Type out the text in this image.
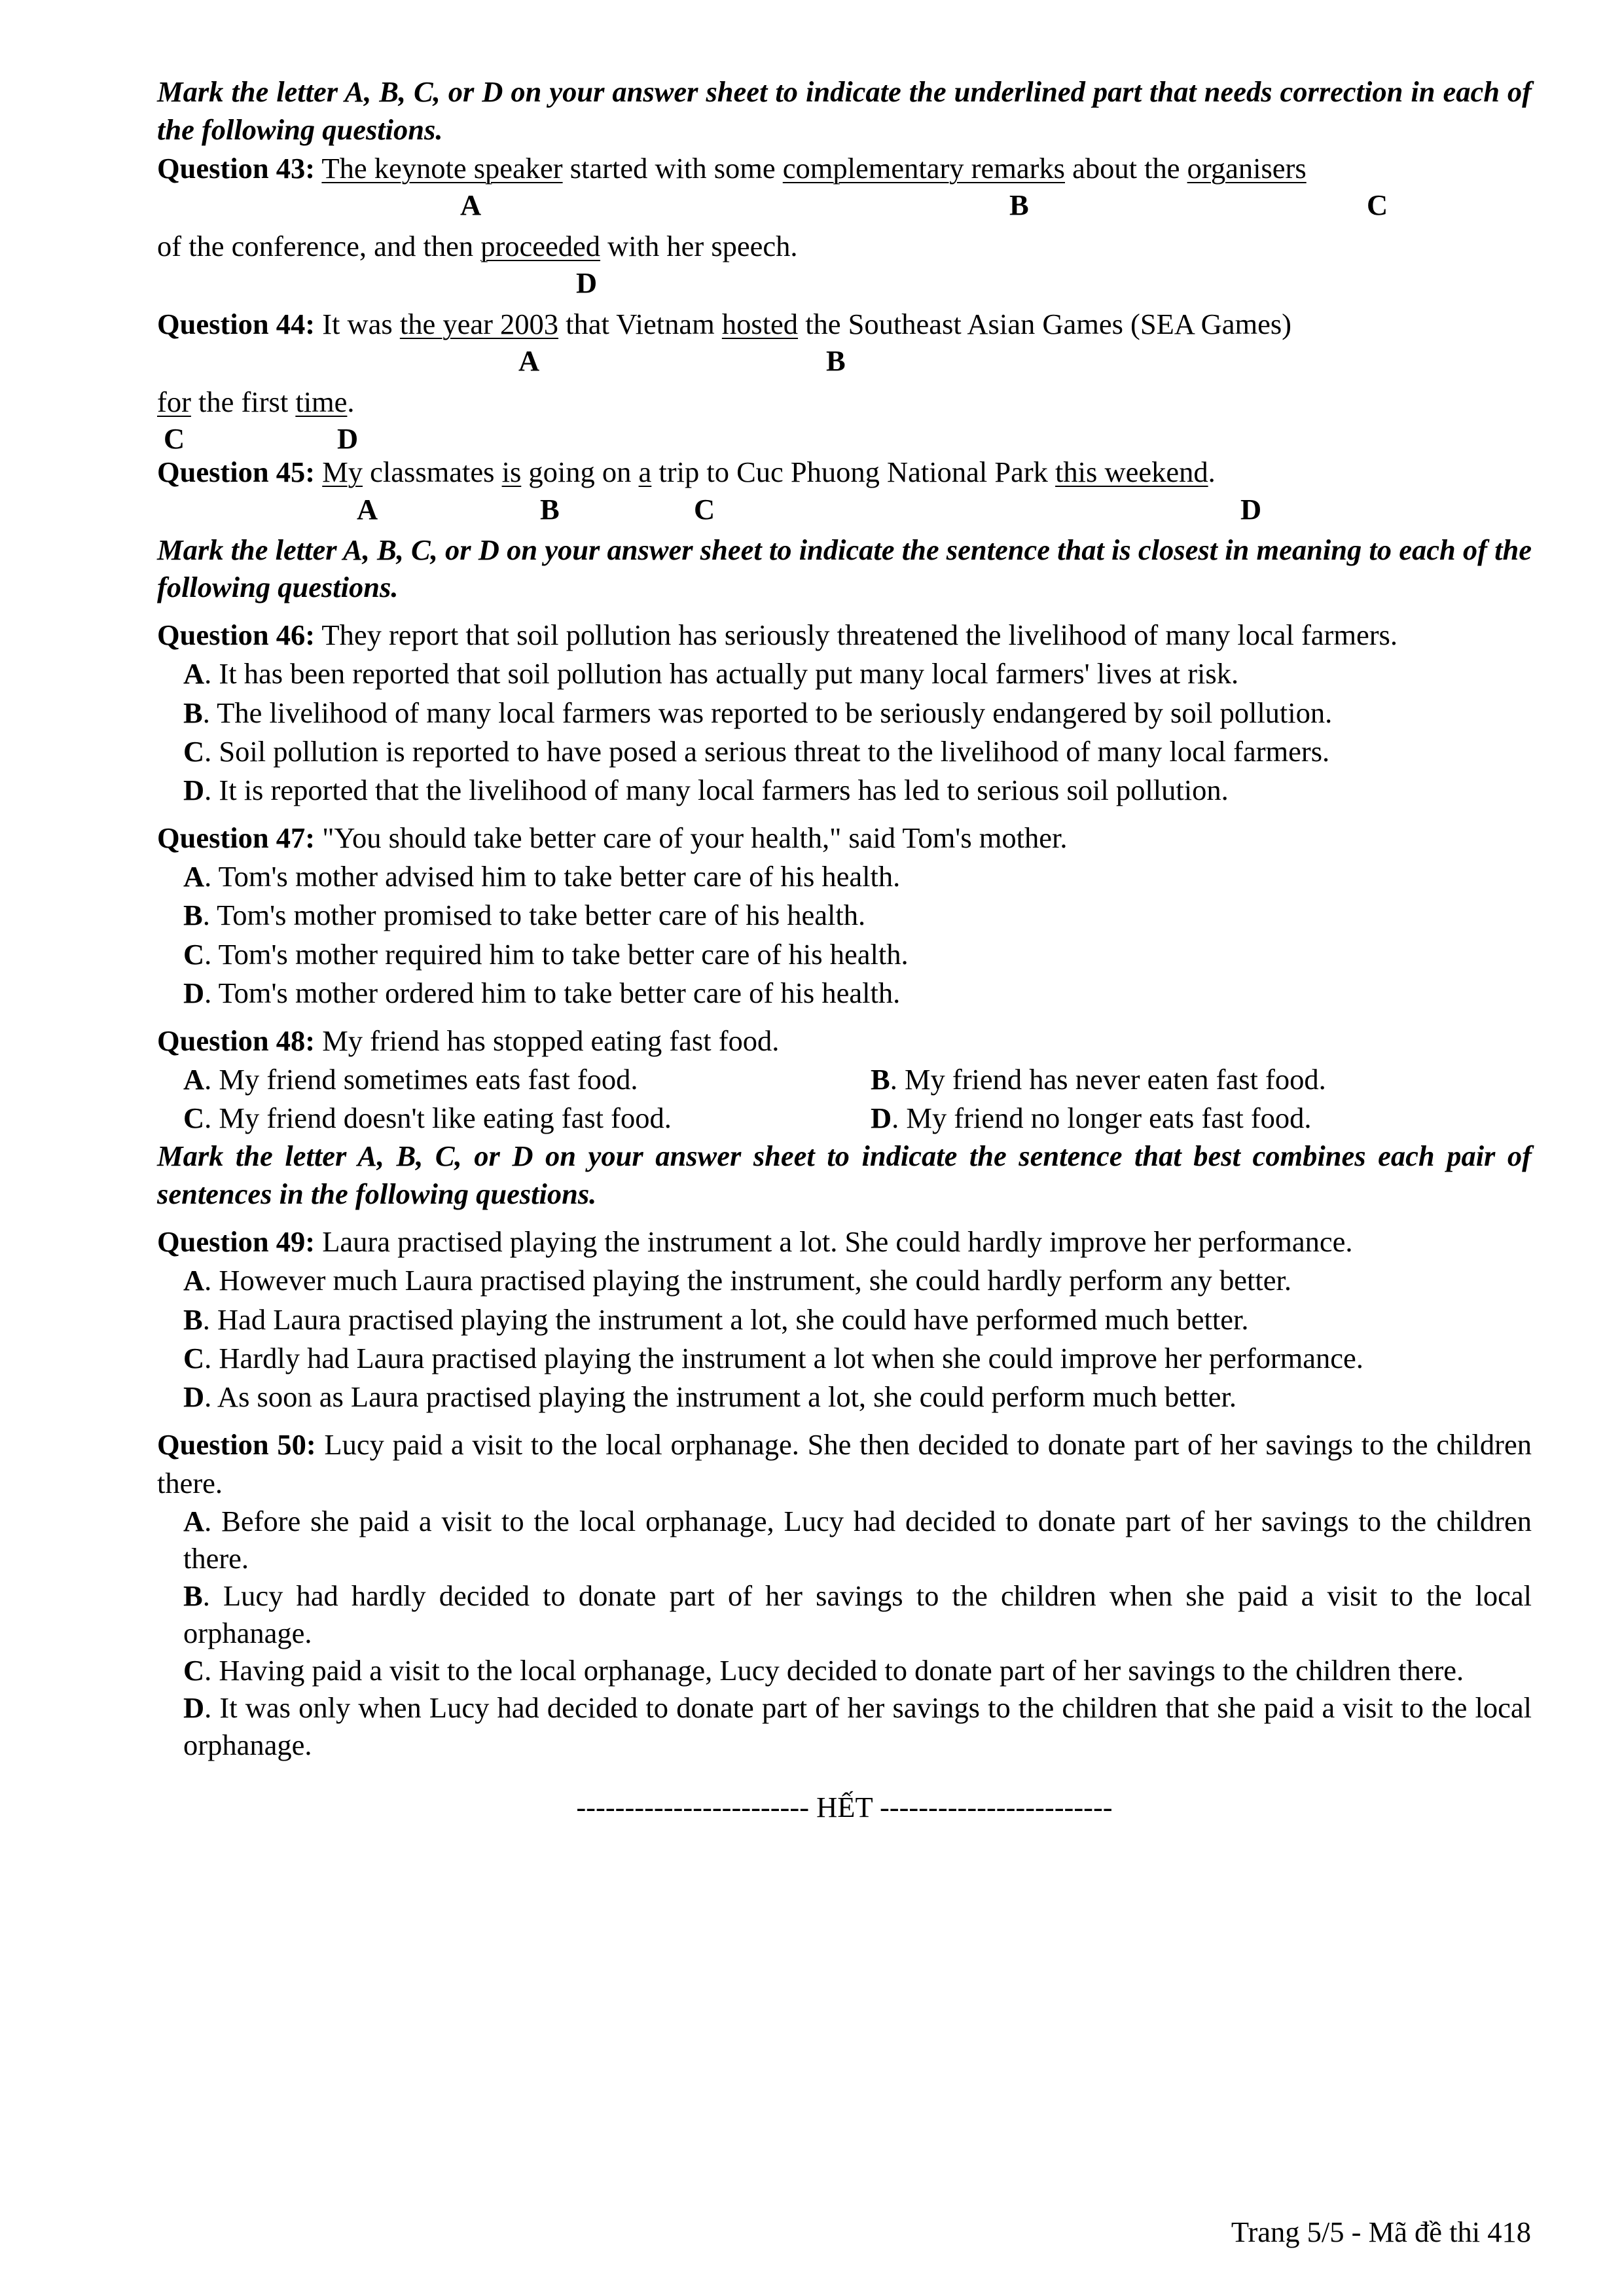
Mark the letter A, B, C, or D on your answer sheet to indicate the underlined part that needs correction in each of the following questions.

Question 43: The keynote speaker started with some complementary remarks about the organisers
A	B	C
of the conference, and then proceeded with her speech.
D
Question 44: It was the year 2003 that Vietnam hosted the Southeast Asian Games (SEA Games)
A	B
for the first time.
C	D
Question 45: My classmates is going on a trip to Cuc Phuong National Park this weekend.
A	B	C	D

Mark the letter A, B, C, or D on your answer sheet to indicate the sentence that is closest in meaning to each of the following questions.

Question 46: They report that soil pollution has seriously threatened the livelihood of many local farmers.

A. It has been reported that soil pollution has actually put many local farmers' lives at risk.

B. The livelihood of many local farmers was reported to be seriously endangered by soil pollution.

C. Soil pollution is reported to have posed a serious threat to the livelihood of many local farmers.

D. It is reported that the livelihood of many local farmers has led to serious soil pollution.

Question 47: "You should take better care of your health," said Tom's mother.

A. Tom's mother advised him to take better care of his health.

B. Tom's mother promised to take better care of his health.

C. Tom's mother required him to take better care of his health.

D. Tom's mother ordered him to take better care of his health.

Question 48: My friend has stopped eating fast food.

A. My friend sometimes eats fast food.	B. My friend has never eaten fast food.
C. My friend doesn't like eating fast food.	D. My friend no longer eats fast food.

Mark the letter A, B, C, or D on your answer sheet to indicate the sentence that best combines each pair of sentences in the following questions.

Question 49: Laura practised playing the instrument a lot. She could hardly improve her performance.

A. However much Laura practised playing the instrument, she could hardly perform any better.

B. Had Laura practised playing the instrument a lot, she could have performed much better.

C. Hardly had Laura practised playing the instrument a lot when she could improve her performance.

D. As soon as Laura practised playing the instrument a lot, she could perform much better.

Question 50: Lucy paid a visit to the local orphanage. She then decided to donate part of her savings to the children there.

A. Before she paid a visit to the local orphanage, Lucy had decided to donate part of her savings to the children there.

B. Lucy had hardly decided to donate part of her savings to the children when she paid a visit to the local orphanage.

C. Having paid a visit to the local orphanage, Lucy decided to donate part of her savings to the children there.

D. It was only when Lucy had decided to donate part of her savings to the children that she paid a visit to the local orphanage.

------------------------ HẾT ------------------------
Trang 5/5 - Mã đề thi 418
